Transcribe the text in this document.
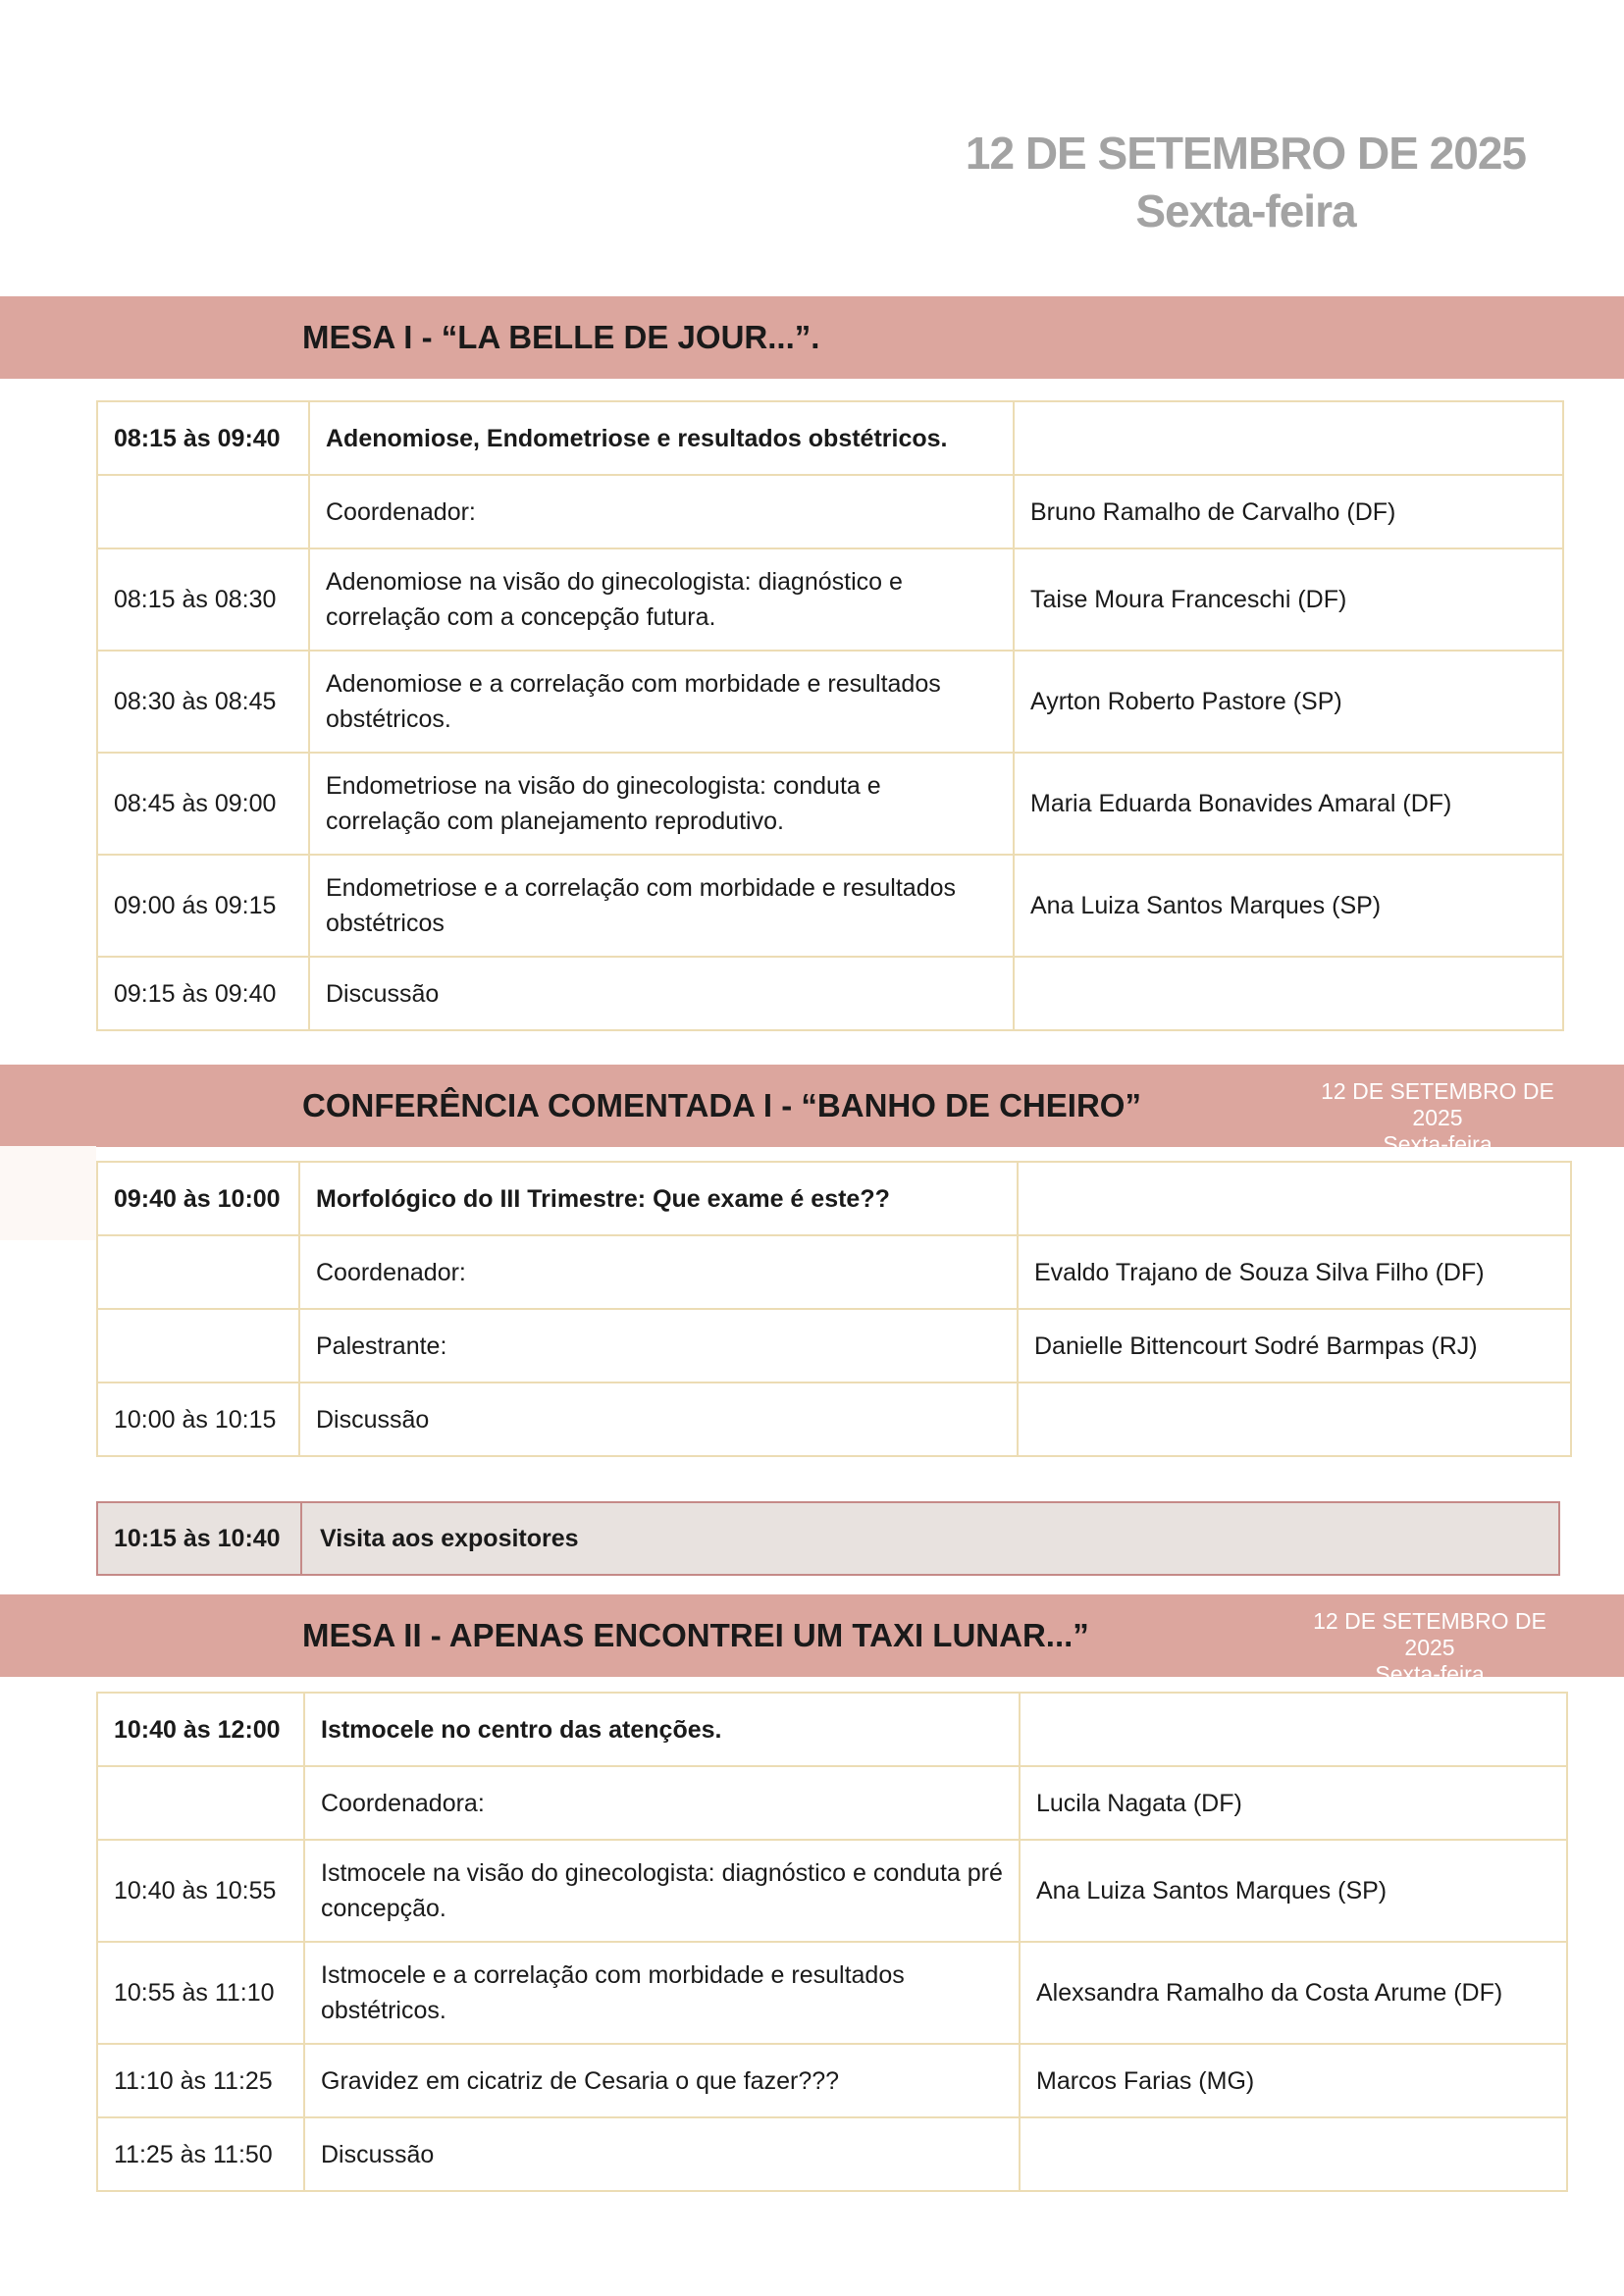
12 DE SETEMBRO DE 2025
Sexta-feira
MESA I - “LA BELLE DE JOUR...”.
08:15 às 09:40	Adenomiose, Endometriose e resultados obstétricos.	
	Coordenador:	Bruno Ramalho de Carvalho (DF)
08:15 às 08:30	Adenomiose na visão do ginecologista: diagnóstico e correlação com a concepção futura.	Taise Moura Franceschi (DF)
08:30 às 08:45	Adenomiose e a correlação com morbidade e resultados obstétricos.	Ayrton Roberto Pastore (SP)
08:45 às 09:00	Endometriose na visão do ginecologista: conduta e correlação com planejamento reprodutivo.	Maria Eduarda Bonavides Amaral (DF)
09:00 ás 09:15	Endometriose e a correlação com morbidade e resultados obstétricos	Ana Luiza Santos Marques (SP)
09:15 às 09:40	Discussão	
CONFERÊNCIA COMENTADA I - “BANHO DE CHEIRO”	12 DE SETEMBRO DE 2025
Sexta-feira
09:40 às 10:00	Morfológico do III Trimestre: Que exame é este??	
	Coordenador:	Evaldo Trajano de Souza Silva Filho (DF)
	Palestrante:	Danielle Bittencourt Sodré Barmpas (RJ)
10:00 às 10:15	Discussão	
10:15 às 10:40	Visita aos expositores
MESA II - APENAS ENCONTREI UM TAXI LUNAR...”	12 DE SETEMBRO DE 2025
Sexta-feira
10:40 às 12:00	Istmocele no centro das atenções.	
	Coordenadora:	Lucila Nagata (DF)
10:40 às 10:55	Istmocele na visão do ginecologista: diagnóstico e conduta pré concepção.	Ana Luiza Santos Marques (SP)
10:55 às 11:10	Istmocele e a correlação com morbidade e resultados obstétricos.	Alexsandra Ramalho da Costa Arume (DF)
11:10 às 11:25	Gravidez em cicatriz de Cesaria o que fazer???	Marcos Farias (MG)
11:25 às 11:50	Discussão	
